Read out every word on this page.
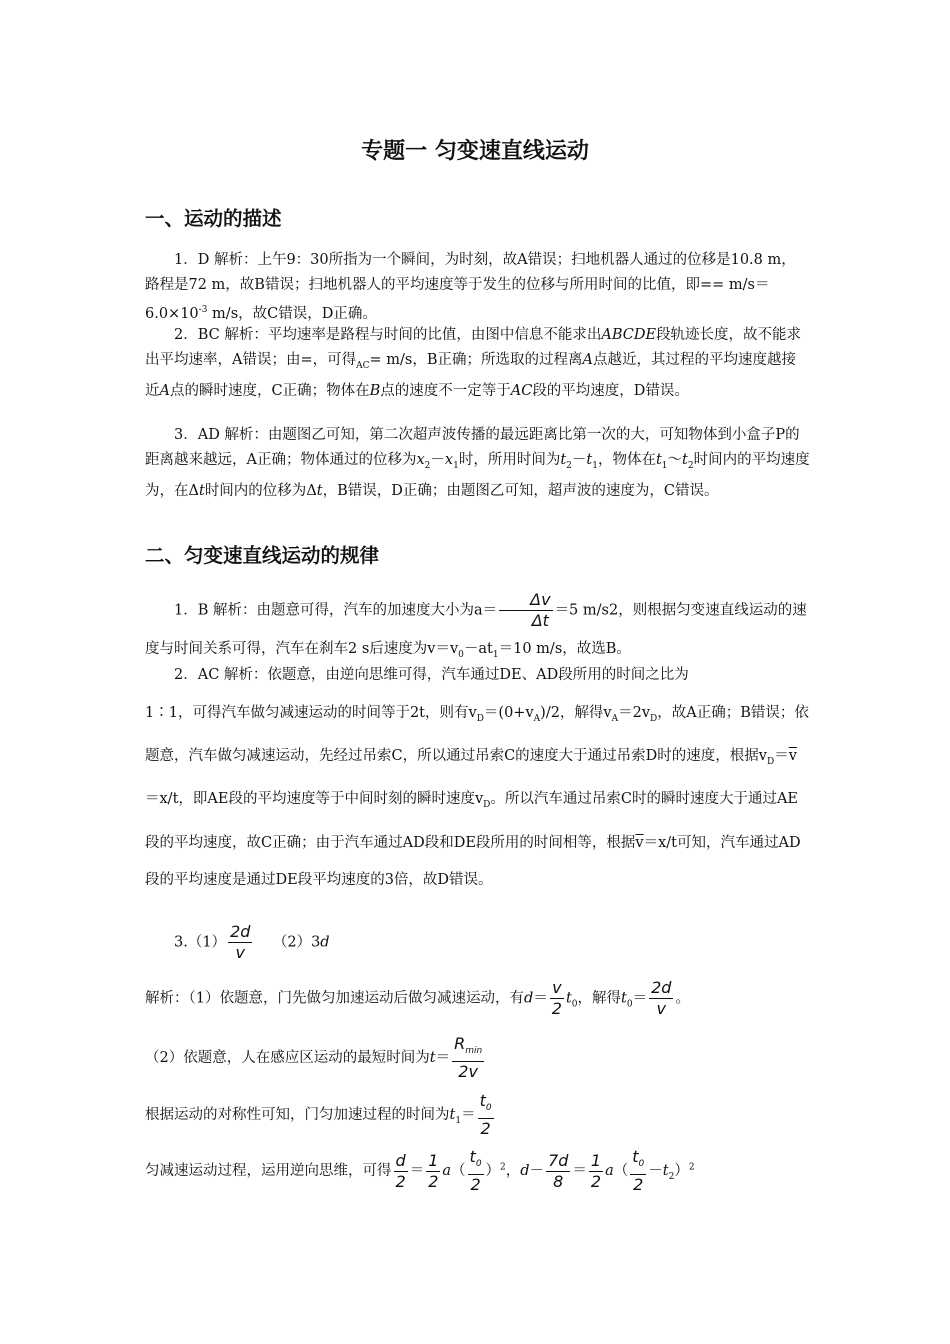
专题一 匀变速直线运动
一、运动的描述
1．D 解析：上午9：30所指为一个瞬间，为时刻，故A错误；扫地机器人通过的位移是10.8 m，路程是72 m，故B错误；扫地机器人的平均速度等于发生的位移与所用时间的比值，即== $m/s=6.0\times 10^{-3}$ m/s，故C错误，D正确。
2．BC 解析：平均速率是路程与时间的比值，由图中信息不能求出ABCDE段轨迹长度，故不能求出平均速率，A错误；由=，可得$_{AC}$= m/s，B正确；所选取的过程离A点越近，其过程的平均速度越接近A点的瞬时速度，C正确；物体在B点的速度不一定等于AC段的平均速度，D错误。
3．AD 解析：由题图乙可知，第二次超声波传播的最远距离比第一次的大，可知物体到小盒子P的距离越来越远，A正确；物体通过的位移为$x_2-x_1$时，所用时间为$t_2-t_1$，物体在$t_1\sim t_2$时间内的平均速度为，在Δt时间内的位移为Δt，B错误，D正确；由题图乙可知，超声波的速度为，C错误。
二、匀变速直线运动的规律
1．B 解析：由题意可得，汽车的加速度大小为$a= \frac{\Delta v}{\Delta t} =5$ m/s2，则根据匀变速直线运动的速度与时间关系可得，汽车在刹车2 s后速度为$v=v_0-at_1=10$ m/s，故选B。
2．AC 解析：依题意，由逆向思维可得，汽车通过DE、AD段所用的时间之比为
1∶1，可得汽车做匀减速运动的时间等于2t，则有$v_D=(0+v_A)/2$，解得$v_A=2v_D$，故A正确；B错误；依题意，汽车做匀减速运动，先经过吊索C，所以通过吊索C的速度大于通过吊索D时的速度，根据$v_D=\overline{v}=x/t$，即AE段的平均速度等于中间时刻的瞬时速度$v_D$。所以汽车通过吊索C时的瞬时速度大于通过AE段的平均速度，故C正确；由于汽车通过AD段和DE段所用的时间相等，根据$\overline{v}=x/t$可知，汽车通过AD段的平均速度是通过DE段平均速度的3倍，故D错误。
$3.(1) \frac{2d}{v} (2)3d$
解析：（1）依题意，门先做匀加速运动后做匀减速运动，有$d= \frac{v}{2} t_0$，解得$t_0= \frac{2d}{v}$ 。
（2）依题意，人在感应区运动的最短时间为$t= \frac{R_{min}}{2v}$
根据运动的对称性可知，门匀加速过程的时间为$t_1= \frac{t_0}{2}$
匀减速运动过程，运用逆向思维，可得 $\frac{d}{2} = \frac{1}{2} a( \frac{t_0}{2} )^2$，$d- \frac{7d}{8} = \frac{1}{2} a( \frac{t_0}{2} -t_2)^2$
